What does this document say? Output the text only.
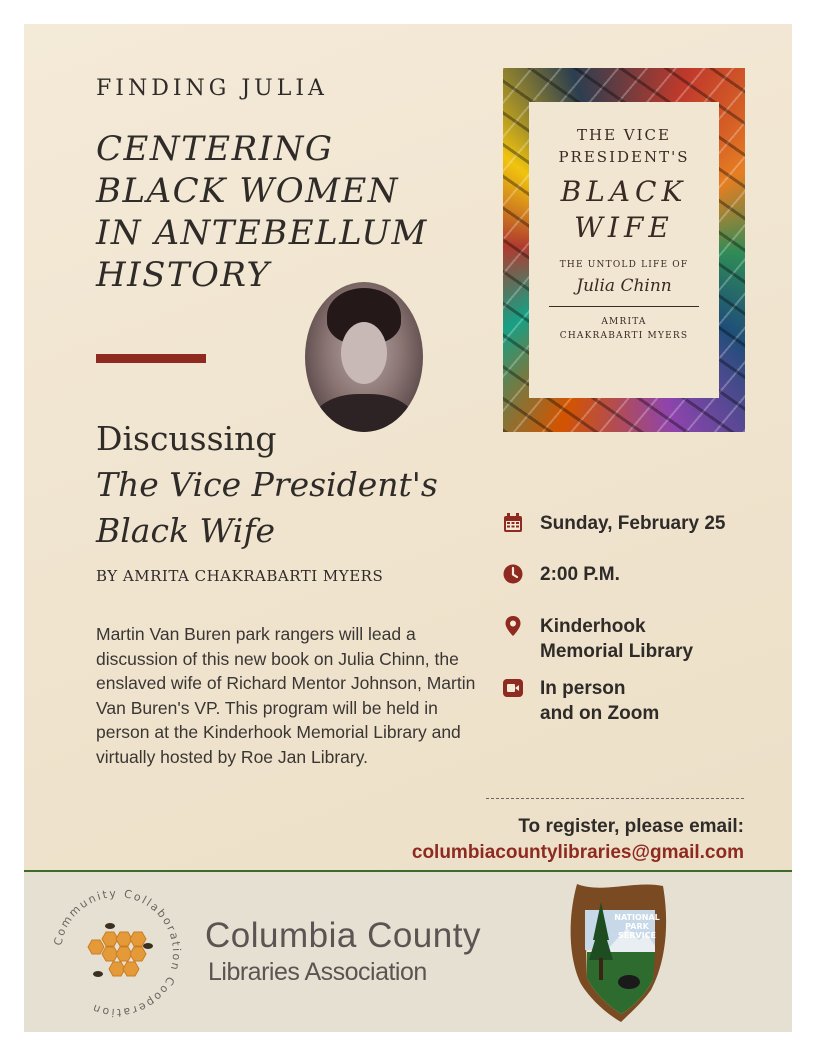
FINDING JULIA
CENTERING
BLACK WOMEN
IN ANTEBELLUM
HISTORY
Discussing
The Vice President's
Black Wife
BY AMRITA CHAKRABARTI MYERS
Martin Van Buren park rangers will lead a discussion of this new book on Julia Chinn, the enslaved wife of Richard Mentor Johnson, Martin Van Buren's VP. This program will be held in person at the Kinderhook Memorial Library and virtually hosted by Roe Jan Library.
THE VICE
PRESIDENT'S
BLACK
WIFE
THE UNTOLD LIFE OF
Julia Chinn
AMRITA
CHAKRABARTI MYERS
Sunday, February 25
2:00 P.M.
Kinderhook
Memorial Library
In person
and on Zoom
To register, please email:
columbiacountylibraries@gmail.com
Community Collaboration Cooperation
Columbia County
Libraries Association
NATIONAL
PARK
SERVICE
